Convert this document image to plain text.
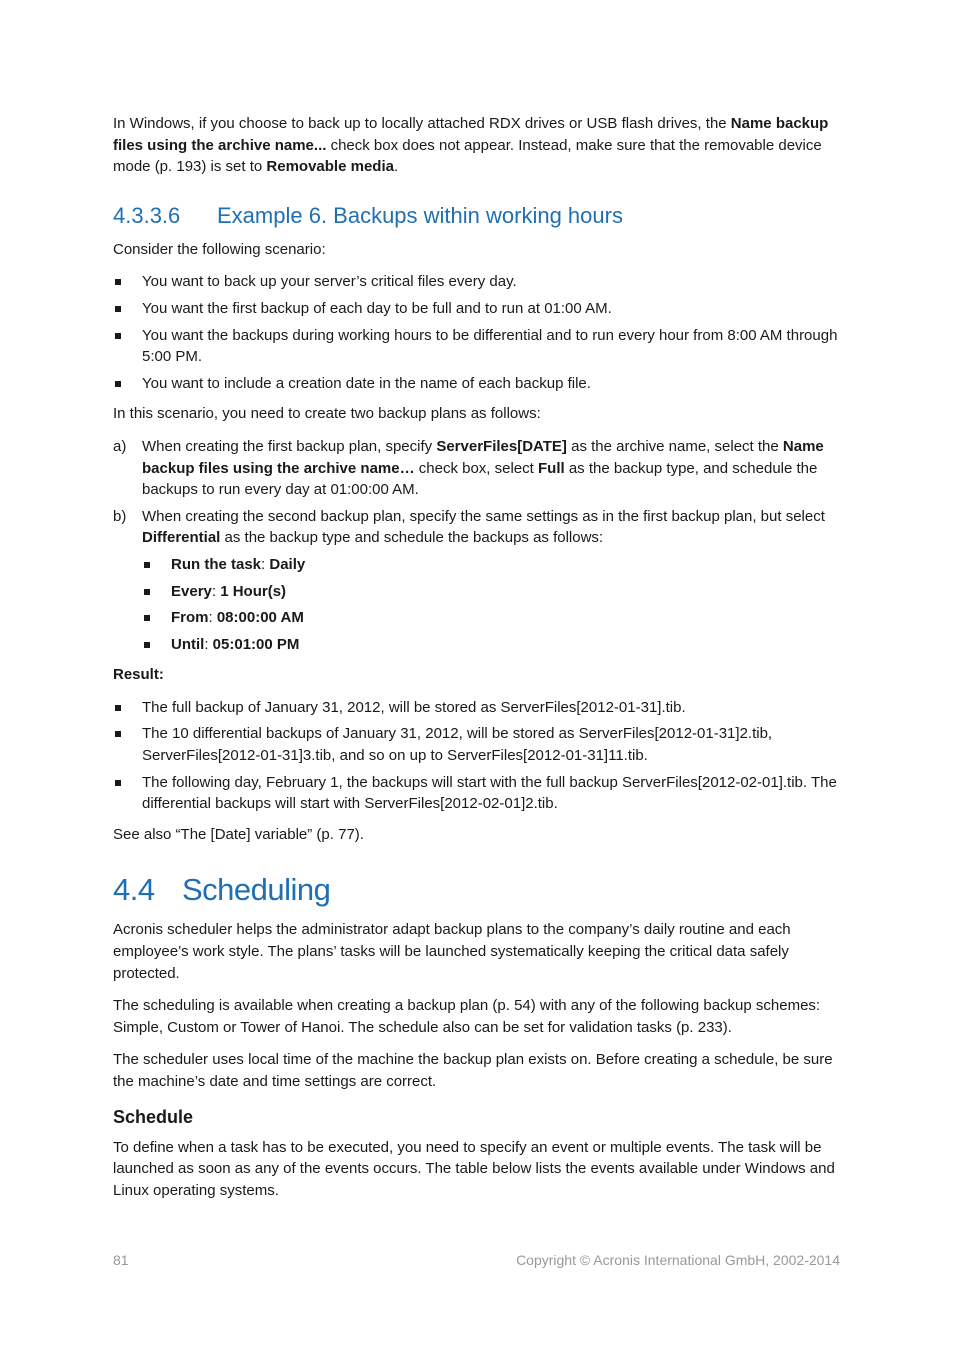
In Windows, if you choose to back up to locally attached RDX drives or USB flash drives, the Name backup files using the archive name... check box does not appear. Instead, make sure that the removable device mode (p. 193) is set to Removable media.

4.3.3.6 Example 6. Backups within working hours

Consider the following scenario:

You want to back up your server’s critical files every day.
You want the first backup of each day to be full and to run at 01:00 AM.
You want the backups during working hours to be differential and to run every hour from 8:00 AM through 5:00 PM.
You want to include a creation date in the name of each backup file.

In this scenario, you need to create two backup plans as follows:

a) When creating the first backup plan, specify ServerFiles[DATE] as the archive name, select the Name backup files using the archive name… check box, select Full as the backup type, and schedule the backups to run every day at 01:00:00 AM.
b) When creating the second backup plan, specify the same settings as in the first backup plan, but select Differential as the backup type and schedule the backups as follows:
Run the task: Daily
Every: 1 Hour(s)
From: 08:00:00 AM
Until: 05:01:00 PM

Result:

The full backup of January 31, 2012, will be stored as ServerFiles[2012-01-31].tib.
The 10 differential backups of January 31, 2012, will be stored as ServerFiles[2012-01-31]2.tib, ServerFiles[2012-01-31]3.tib, and so on up to ServerFiles[2012-01-31]11.tib.
The following day, February 1, the backups will start with the full backup ServerFiles[2012-02-01].tib. The differential backups will start with ServerFiles[2012-02-01]2.tib.

See also “The [Date] variable” (p. 77).

4.4 Scheduling

Acronis scheduler helps the administrator adapt backup plans to the company’s daily routine and each employee’s work style. The plans’ tasks will be launched systematically keeping the critical data safely protected.

The scheduling is available when creating a backup plan (p. 54) with any of the following backup schemes: Simple, Custom or Tower of Hanoi. The schedule also can be set for validation tasks (p. 233).

The scheduler uses local time of the machine the backup plan exists on. Before creating a schedule, be sure the machine’s date and time settings are correct.

Schedule

To define when a task has to be executed, you need to specify an event or multiple events. The task will be launched as soon as any of the events occurs. The table below lists the events available under Windows and Linux operating systems.

81	Copyright © Acronis International GmbH, 2002-2014
